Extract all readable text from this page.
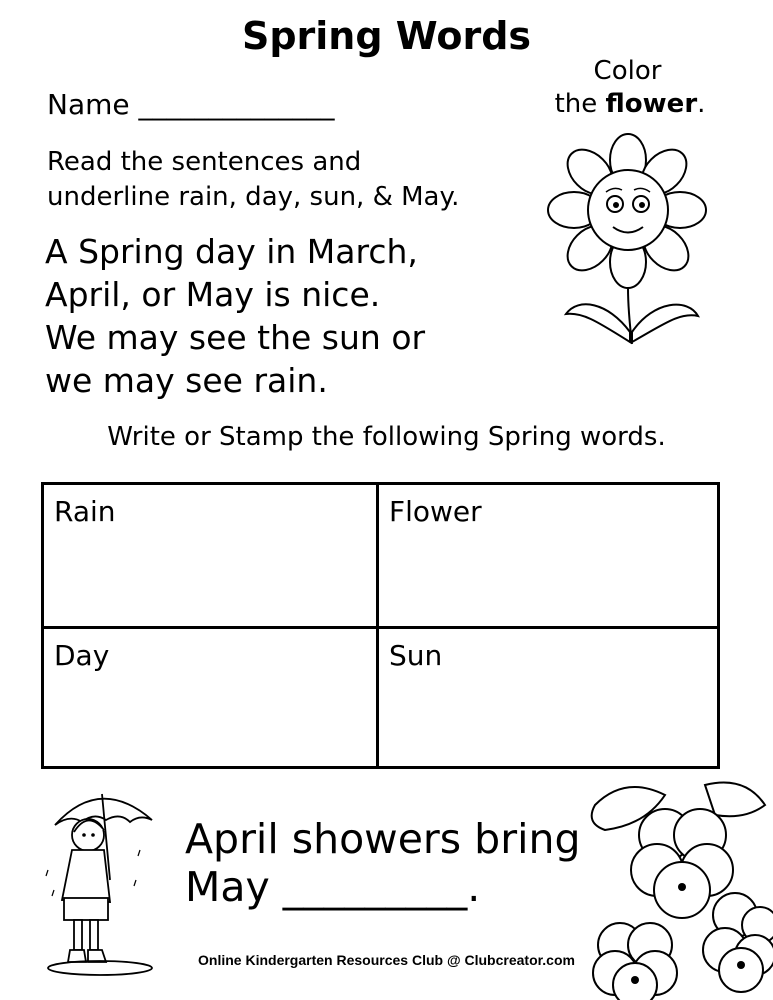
Spring Words
Color
the flower.
Name ______________
Read the sentences and
underline rain, day, sun, & May.
A Spring day in March,
April, or May is nice.
We may see the sun or
we may see rain.
Write or Stamp the following Spring words.
Rain	Flower
Day	Sun
April showers bring
May _________.
Online Kindergarten Resources Club @ Clubcreator.com
